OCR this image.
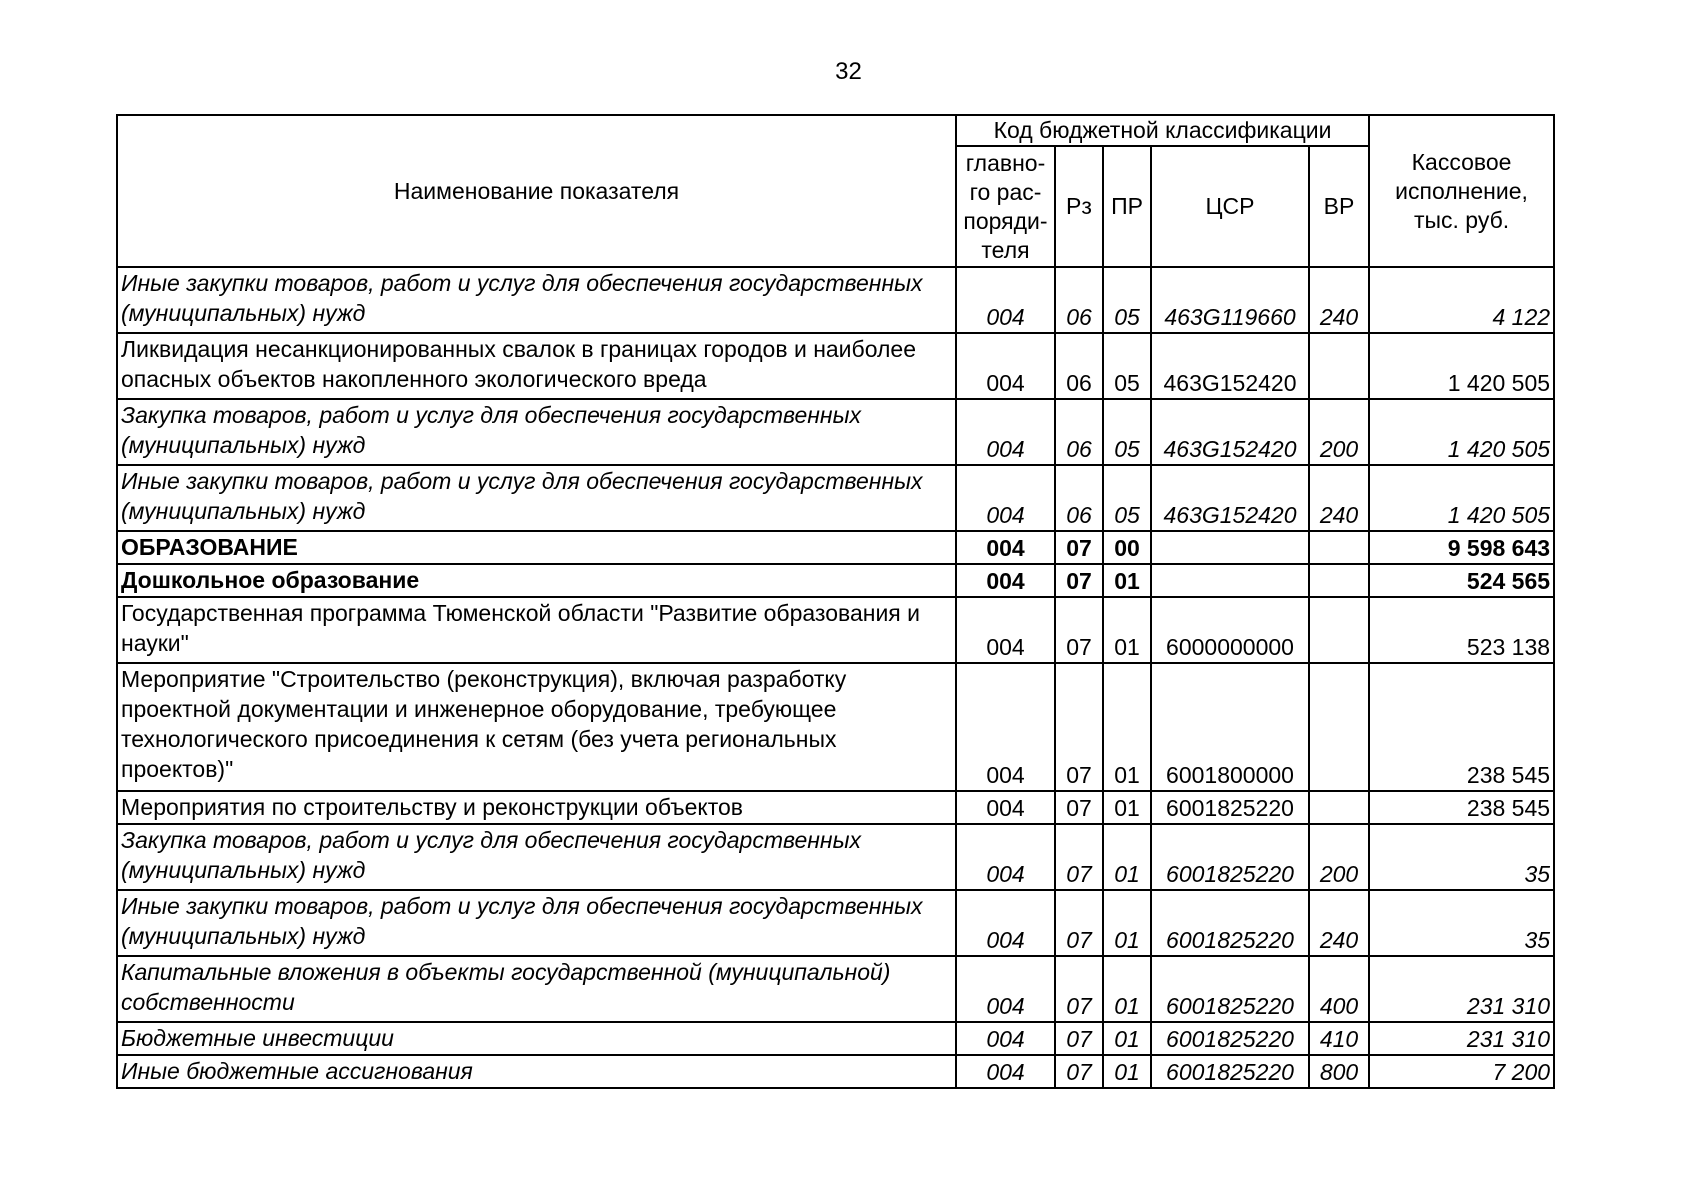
32
Наименование показателя	Код бюджетной классификации					Кассовое
исполнение,
тыс. руб.

	главно-
го рас-
поряди-
теля	Рз	ПР	ЦСР	ВР	
Иные закупки товаров, работ и услуг для обеспечения государственных (муниципальных) нужд	004	06	05	463G119660	240	4 122
Ликвидация несанкционированных свалок в границах городов и наиболее опасных объектов накопленного экологического вреда	004	06	05	463G152420		1 420 505
Закупка товаров, работ и услуг для обеспечения государственных (муниципальных) нужд	004	06	05	463G152420	200	1 420 505
Иные закупки товаров, работ и услуг для обеспечения государственных (муниципальных) нужд	004	06	05	463G152420	240	1 420 505
ОБРАЗОВАНИЕ	004	07	00			9 598 643
Дошкольное образование	004	07	01			524 565
Государственная программа Тюменской области "Развитие образования и науки"	004	07	01	6000000000		523 138
Мероприятие "Строительство (реконструкция), включая разработку проектной документации и инженерное оборудование, требующее технологического присоединения к сетям (без учета региональных проектов)"	004	07	01	6001800000		238 545
Мероприятия по строительству и реконструкции объектов	004	07	01	6001825220		238 545
Закупка товаров, работ и услуг для обеспечения государственных (муниципальных) нужд	004	07	01	6001825220	200	35
Иные закупки товаров, работ и услуг для обеспечения государственных (муниципальных) нужд	004	07	01	6001825220	240	35
Капитальные вложения в объекты государственной (муниципальной) собственности	004	07	01	6001825220	400	231 310
Бюджетные инвестиции	004	07	01	6001825220	410	231 310
Иные бюджетные ассигнования	004	07	01	6001825220	800	7 200
